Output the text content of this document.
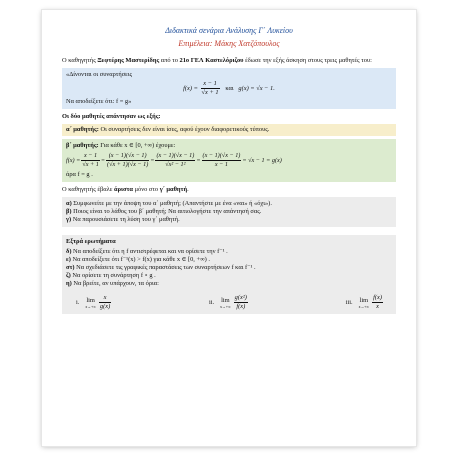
Διδακτικά σενάρια Ανάλυσης Γ΄ Λυκείου
Επιμέλεια: Μάκης Χατζόπουλος

Ο καθηγητής Ξεφτέρης Μαστερίδης από το 21ο ΓΕΛ Καστελόριζου έδωσε την εξής άσκηση στους τρεις μαθητές του:

«Δίνονται οι συναρτήσεις

$f(x) = \frac{x - 1}{√x + 1}$ και g(x) = √x − 1.

Να αποδείξετε ότι: f = g»

Οι δύο μαθητές απάντησαν ως εξής:

α΄ μαθητής: Οι συναρτήσεις δεν είναι ίσες, αφού έχουν διαφορετικούς τύπους.

β΄ μαθητής: Για κάθε x ∈ [0, +∞) έχουμε:

$f(x) = \frac{x - 1}{√x + 1} = \frac{(x - 1)(√x - 1)}{(√x + 1)(√x - 1)} = \frac{(x - 1)(√x - 1)}{\text{√x² − 1²}} = \frac{(x - 1)(√x - 1)}{x - 1} = √x - 1 = g(x)$

άρα f = g .

Ο καθηγητής έβαλε άριστα μόνο στο γ΄ μαθητή.

α) Συμφωνείτε με την άποψη του α΄ μαθητή; (Απαντήστε με ένα «ναι» ή «όχι»).

β) Ποιος είναι το λάθος του β΄ μαθητή; Να αιτιολογήστε την απάντησή σας.

γ) Να παρουσιάσετε τη λύση του γ΄ μαθητή.

Εξτρά ερωτήματα

δ) Να αποδείξετε ότι η f αντιστρέφεται και να ορίσετε την f⁻¹ .

ε) Να αποδείξετε ότι f⁻¹(x) > f(x) για κάθε x ∈ [0, +∞) .

στ) Να σχεδιάσετε τις γραφικές παραστάσεις των συναρτήσεων f και f⁻¹ .

ζ) Να ορίσετε τη συνάρτηση f ∘ g .

η) Να βρείτε, αν υπάρχουν, τα όρια:

i. lim
$x\to+\infty \frac{x}{g(x)}$	ii. lim
$x\to+\infty \frac{\text{g(x²)}}{f(x)}$	iii. lim
$x\to+\infty \frac{f(x)}{x}$
